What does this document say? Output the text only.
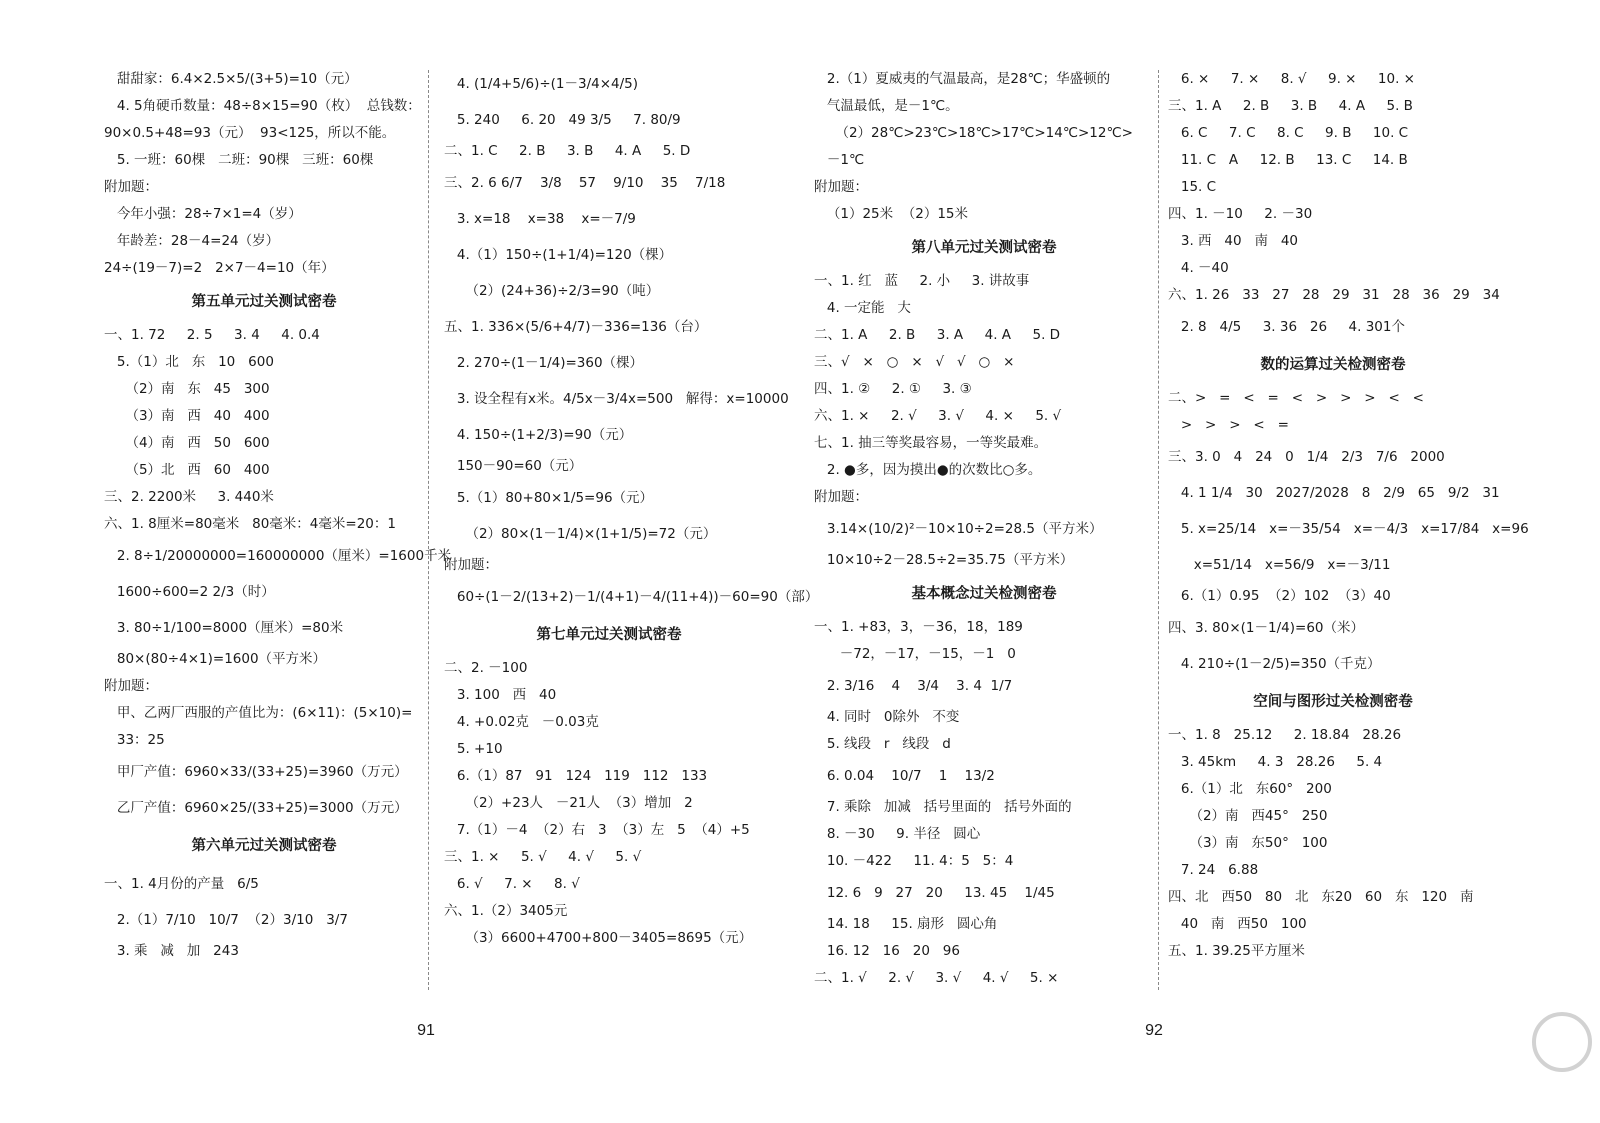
甜甜家：6.4×2.5×5/(3+5)=10（元）
4. 5角硬币数量：48÷8×15=90（枚）  总钱数：
90×0.5+48=93（元）  93<125，所以不能。
5. 一班：60棵   二班：90棵   三班：60棵
附加题：
今年小强：28÷7×1=4（岁）
年龄差：28－4=24（岁）
24÷(19－7)=2   2×7－4=10（年）
第五单元过关测试密卷
一、1. 72     2. 5     3. 4     4. 0.4
5.（1）北   东   10   600
（2）南   东   45   300
（3）南   西   40   400
（4）南   西   50   600
（5）北   西   60   400
三、2. 2200米     3. 440米
六、1. 8厘米=80毫米   80毫米：4毫米=20：1
2. 8÷1/20000000=160000000（厘米）=1600千米
1600÷600=2 2/3（时）
3. 80÷1/100=8000（厘米）=80米
80×(80÷4×1)=1600（平方米）
附加题：
甲、乙两厂西服的产值比为：(6×11)：(5×10)=
33：25
甲厂产值：6960×33/(33+25)=3960（万元）
乙厂产值：6960×25/(33+25)=3000（万元）
第六单元过关测试密卷
一、1. 4月份的产量   6/5
2.（1）7/10   10/7  （2）3/10   3/7
3. 乘   减   加   243
4. (1/4+5/6)÷(1－3/4×4/5)
5. 240     6. 20   49 3/5     7. 80/9
二、1. C     2. B     3. B     4. A     5. D
三、2. 6 6/7    3/8    57    9/10    35    7/18
3. x=18    x=38    x=－7/9
4.（1）150÷(1+1/4)=120（棵）
（2）(24+36)÷2/3=90（吨）
五、1. 336×(5/6+4/7)－336=136（台）
2. 270÷(1－1/4)=360（棵）
3. 设全程有x米。4/5x－3/4x=500   解得：x=10000
4. 150÷(1+2/3)=90（元）
150－90=60（元）
5.（1）80+80×1/5=96（元）
（2）80×(1－1/4)×(1+1/5)=72（元）
附加题：
60÷(1－2/(13+2)－1/(4+1)－4/(11+4))－60=90（部）
第七单元过关测试密卷
二、2. －100
3. 100   西   40
4. +0.02克   －0.03克
5. +10
6.（1）87   91   124   119   112   133
（2）+23人   －21人  （3）增加   2
7.（1）－4  （2）右   3  （3）左   5  （4）+5
三、1. ×     5. √     4. √     5. √
6. √     7. ×     8. √
六、1.（2）3405元
（3）6600+4700+800－3405=8695（元）
2.（1）夏威夷的气温最高，是28℃；华盛顿的
气温最低，是－1℃。
（2）28℃>23℃>18℃>17℃>14℃>12℃>
－1℃
附加题：
（1）25米  （2）15米
第八单元过关测试密卷
一、1. 红   蓝     2. 小     3. 讲故事
4. 一定能   大
二、1. A     2. B     3. A     4. A     5. D
三、√   ×   ○   ×   √   √   ○   ×
四、1. ②     2. ①     3. ③
六、1. ×     2. √     3. √     4. ×     5. √
七、1. 抽三等奖最容易，一等奖最难。
2. ●多，因为摸出●的次数比○多。
附加题：
3.14×(10/2)²－10×10÷2=28.5（平方米）
10×10÷2－28.5÷2=35.75（平方米）
基本概念过关检测密卷
一、1. +83，3，－36，18，189
－72，－17，－15，－1   0
2. 3/16    4    3/4    3. 4  1/7
4. 同时   0除外   不变
5. 线段   r   线段   d
6. 0.04    10/7    1    13/2
7. 乘除   加减   括号里面的   括号外面的
8. －30     9. 半径   圆心
10. －422     11. 4：5   5：4
12. 6   9   27   20     13. 45    1/45
14. 18     15. 扇形   圆心角
16. 12   16   20   96
二、1. √     2. √     3. √     4. √     5. ×
6. ×     7. ×     8. √     9. ×     10. ×
三、1. A     2. B     3. B     4. A     5. B
6. C     7. C     8. C     9. B     10. C
11. C   A     12. B     13. C     14. B
15. C
四、1. －10     2. －30
3. 西   40   南   40
4. －40
六、1. 26   33   27   28   29   31   28   36   29   34
2. 8   4/5     3. 36   26     4. 301个
数的运算过关检测密卷
二、>   =   <   =   <   >   >   >   <   <
>   >   >   <   =
三、3. 0   4   24   0   1/4   2/3   7/6   2000
4. 1 1/4   30   2027/2028   8   2/9   65   9/2   31
5. x=25/14   x=－35/54   x=－4/3   x=17/84   x=96
x=51/14   x=56/9   x=－3/11
6.（1）0.95  （2）102  （3）40
四、3. 80×(1－1/4)=60（米）
4. 210÷(1－2/5)=350（千克）
空间与图形过关检测密卷
一、1. 8   25.12     2. 18.84   28.26
3. 45km     4. 3   28.26     5. 4
6.（1）北   东60°   200
（2）南   西45°   250
（3）南   东50°   100
7. 24   6.88
四、北   西50   80   北   东20   60   东   120   南
40   南   西50   100
五、1. 39.25平方厘米
91	92
